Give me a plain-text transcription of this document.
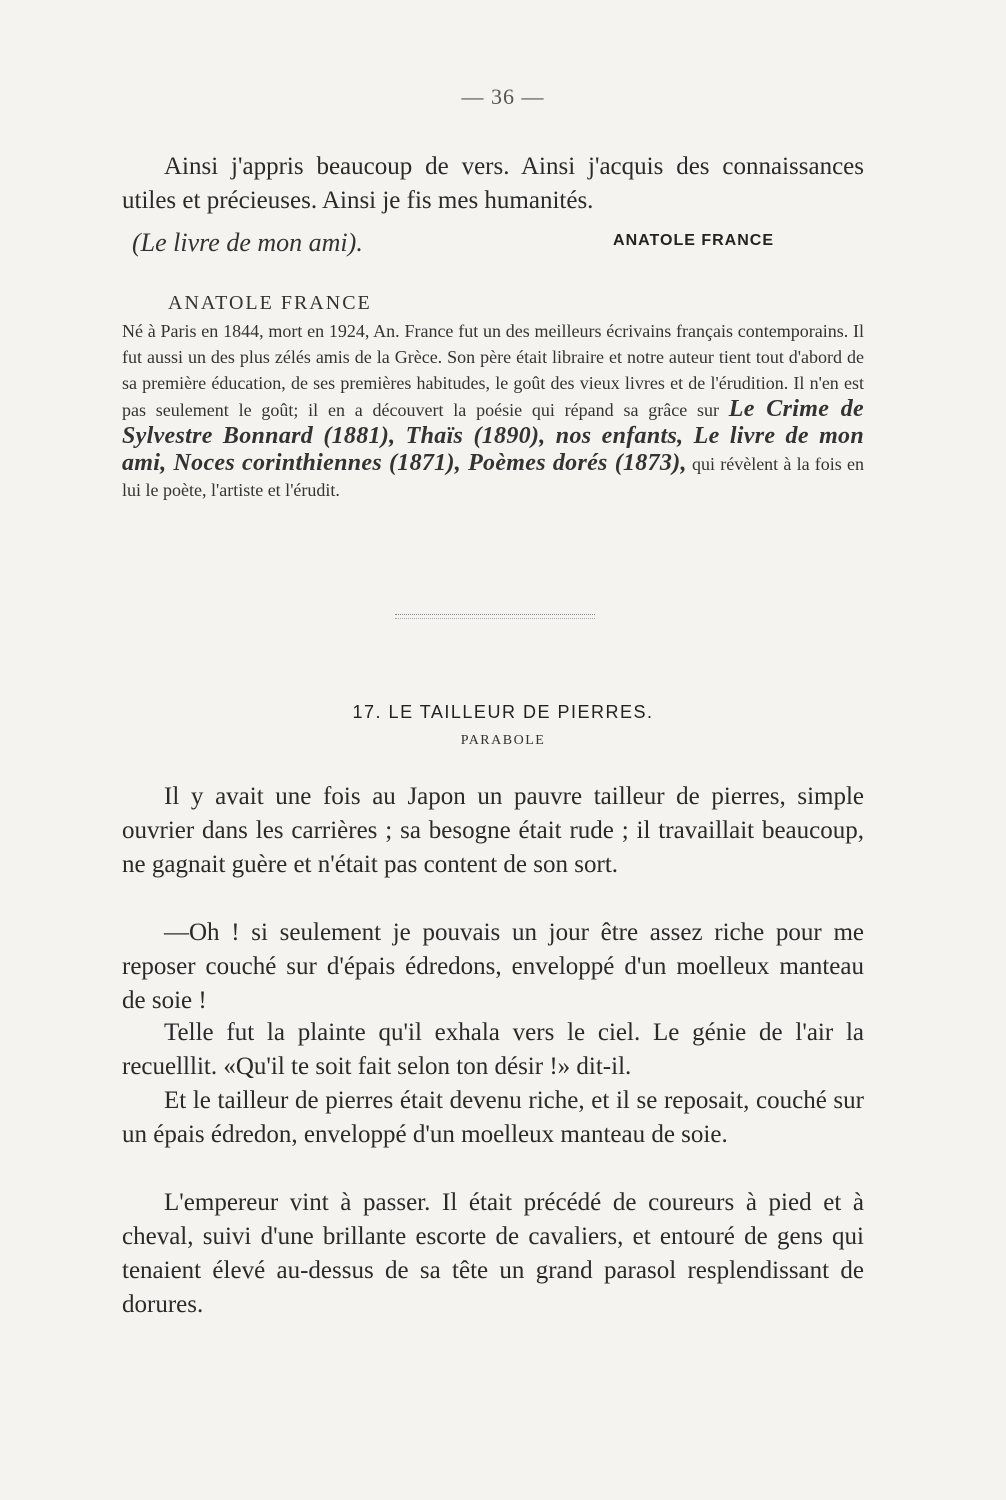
— 36 —

Ainsi j'appris beaucoup de vers. Ainsi j'acquis des connaissances utiles et précieuses. Ainsi je fis mes humanités.

(Le livre de mon ami).	ANATOLE FRANCE
ANATOLE FRANCE

Né à Paris en 1844, mort en 1924, An. France fut un des meilleurs écrivains français contemporains. Il fut aussi un des plus zélés amis de la Grèce. Son père était libraire et notre auteur tient tout d'abord de sa première éducation, de ses premières habitudes, le goût des vieux livres et de l'érudition. Il n'en est pas seulement le goût; il en a découvert la poésie qui répand sa grâce sur Le Crime de Sylvestre Bonnard (1881), Thaïs (1890), nos enfants, Le livre de mon ami, Noces corinthiennes (1871), Poèmes dorés (1873), qui révèlent à la fois en lui le poète, l'artiste et l'érudit.

17. LE TAILLEUR DE PIERRES.
PARABOLE

Il y avait une fois au Japon un pauvre tailleur de pierres, simple ouvrier dans les carrières ; sa besogne était rude ; il travaillait beaucoup, ne gagnait guère et n'était pas content de son sort.

—Oh ! si seulement je pouvais un jour être assez riche pour me reposer couché sur d'épais édredons, enveloppé d'un moelleux manteau de soie !

Telle fut la plainte qu'il exhala vers le ciel. Le génie de l'air la recuelllit. «Qu'il te soit fait selon ton désir !» dit-il.

Et le tailleur de pierres était devenu riche, et il se reposait, couché sur un épais édredon, enveloppé d'un moelleux manteau de soie.

L'empereur vint à passer. Il était précédé de coureurs à pied et à cheval, suivi d'une brillante escorte de cavaliers, et entouré de gens qui tenaient élevé au-dessus de sa tête un grand parasol resplendissant de dorures.
